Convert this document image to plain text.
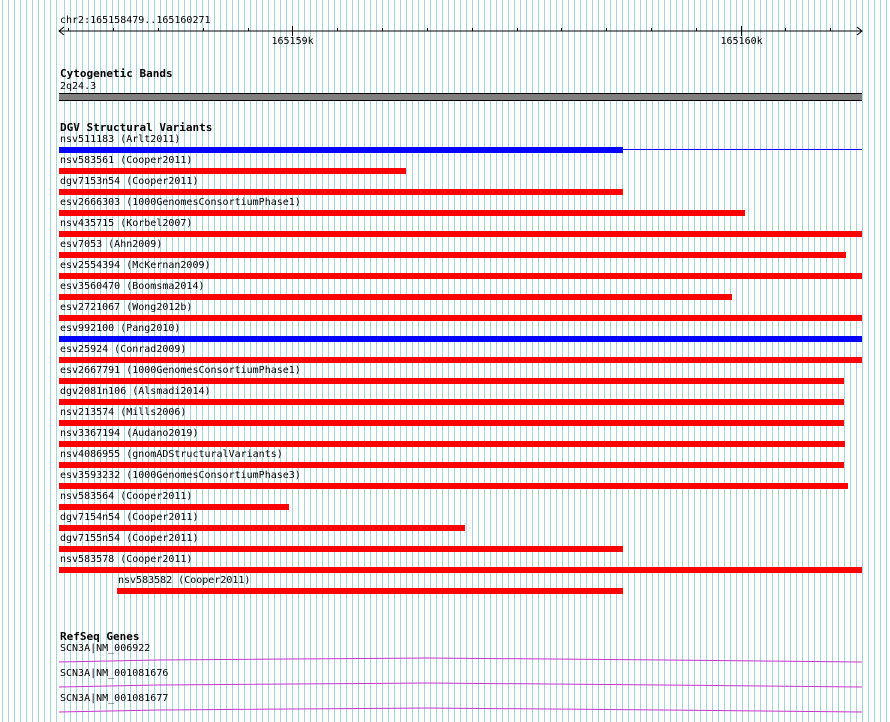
chr2:165158479..165160271
165159k	165160k
Cytogenetic Bands
2q24.3
DGV Structural Variants
nsv511183 (Arlt2011)
nsv583561 (Cooper2011)
dgv7153n54 (Cooper2011)
esv2666303 (1000GenomesConsortiumPhase1)
nsv435715 (Korbel2007)
esv7053 (Ahn2009)
esv2554394 (McKernan2009)
esv3560470 (Boomsma2014)
esv2721067 (Wong2012b)
esv992100 (Pang2010)
esv25924 (Conrad2009)
esv2667791 (1000GenomesConsortiumPhase1)
dgv2081n106 (Alsmadi2014)
nsv213574 (Mills2006)
nsv3367194 (Audano2019)
nsv4086955 (gnomADStructuralVariants)
esv3593232 (1000GenomesConsortiumPhase3)
nsv583564 (Cooper2011)
dgv7154n54 (Cooper2011)
dgv7155n54 (Cooper2011)
nsv583578 (Cooper2011)
nsv583582 (Cooper2011)
RefSeq Genes
SCN3A|NM_006922
SCN3A|NM_001081676
SCN3A|NM_001081677
